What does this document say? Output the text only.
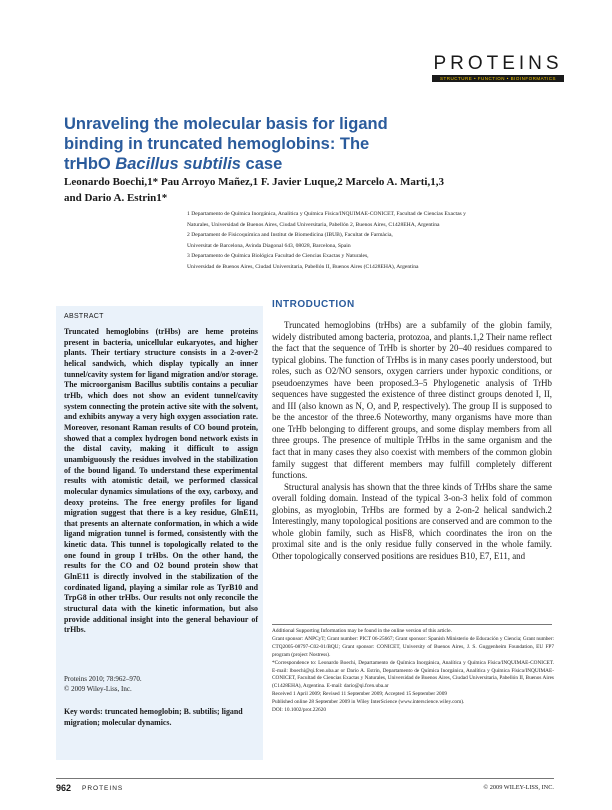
PROTEINS
STRUCTURE • FUNCTION • BIOINFORMATICS
Unraveling the molecular basis for ligand
binding in truncated hemoglobins: The
trHbO Bacillus subtilis case
Leonardo Boechi,1* Pau Arroyo Mañez,1 F. Javier Luque,2 Marcelo A. Marti,1,3
and Dario A. Estrin1*
1 Departamento de Química Inorgánica, Analítica y Química Física/INQUIMAE-CONICET, Facultad de Ciencias Exactas y
Naturales, Universidad de Buenos Aires, Ciudad Universitaria, Pabellón 2, Buenos Aires, C1428EHA, Argentina
2 Departament de Fisicoquímica and Institut de Biomedicina (IBUB), Facultat de Farmàcia,
Universitat de Barcelona, Avinda Diagonal 643, 08028, Barcelona, Spain
3 Departamento de Química Biológica Facultad de Ciencias Exactas y Naturales,
Universidad de Buenos Aires, Ciudad Universitaria, Pabellón II, Buenos Aires (C1428EHA), Argentina
ABSTRACT
Truncated hemoglobins (trHbs) are heme proteins present in bacteria, unicellular eukaryotes, and higher plants. Their tertiary structure consists in a 2-over-2 helical sandwich, which display typically an inner tunnel/cavity system for ligand migration and/or storage. The microorganism Bacillus subtilis contains a peculiar trHb, which does not show an evident tunnel/cavity system connecting the protein active site with the solvent, and exhibits anyway a very high oxygen association rate. Moreover, resonant Raman results of CO bound protein, showed that a complex hydrogen bond network exists in the distal cavity, making it difficult to assign unambiguously the residues involved in the stabilization of the bound ligand. To understand these experimental results with atomistic detail, we performed classical molecular dynamics simulations of the oxy, carboxy, and deoxy proteins. The free energy profiles for ligand migration suggest that there is a key residue, GlnE11, that presents an alternate conformation, in which a wide ligand migration tunnel is formed, consistently with the kinetic data. This tunnel is topologically related to the one found in group I trHbs. On the other hand, the results for the CO and O2 bound protein show that GlnE11 is directly involved in the stabilization of the cordinated ligand, playing a similar role as TyrB10 and TrpG8 in other trHbs. Our results not only reconcile the structural data with the kinetic information, but also provide additional insight into the general behaviour of trHbs.
Proteins 2010; 78:962–970.
© 2009 Wiley-Liss, Inc.
Key words: truncated hemoglobin; B. subtilis; ligand migration; molecular dynamics.
INTRODUCTION

Truncated hemoglobins (trHbs) are a subfamily of the globin family, widely distributed among bacteria, protozoa, and plants.1,2 Their name reflect the fact that the sequence of TrHb is shorter by 20–40 residues compared to typical globins. The function of TrHbs is in many cases poorly understood, but roles, such as O2/NO sensors, oxygen carriers under hypoxic conditions, or pseudoenzymes have been proposed.3–5 Phylogenetic analysis of TrHb sequences have suggested the existence of three distinct groups denoted I, II, and III (also known as N, O, and P, respectively). The group II is supposed to be the ancestor of the three.6 Noteworthy, many organisms have more than one TrHb belonging to different groups, and some display members from all three groups. The presence of multiple TrHbs in the same organism and the fact that in many cases they also coexist with members of the common globin family suggest that different members may fulfill completely different functions.

Structural analysis has shown that the three kinds of TrHbs share the same overall folding domain. Instead of the typical 3-on-3 helix fold of common globins, as myoglobin, TrHbs are formed by a 2-on-2 helical sandwich.2 Interestingly, many topological positions are conserved and are common to the whole globin family, such as HisF8, which coordinates the iron on the proximal site and is the only residue fully conserved in the whole family. Other topologically conserved positions are residues B10, E7, E11, and

Additional Supporting Information may be found in the online version of this article.
Grant sponsor: ANPCyT; Grant number: PICT 06-25667; Grant sponsor: Spanish Ministerio de Educación y Ciencia; Grant number: CTQ2005-08797-C02-01/BQU; Grant sponsor: CONICET, University of Buenos Aires, J. S. Guggenheim Foundation, EU FP7 program (project Nostress).
*Correspondence to: Leonardo Boechi, Departamento de Química Inorgánica, Analítica y Química Física/INQUIMAE-CONICET. E-mail: lboechi@qi.fcen.uba.ar or Dario A. Estrin, Departamento de Química Inorgánica, Analítica y Química Física/INQUIMAE-CONICET, Facultad de Ciencias Exactas y Naturales, Universidad de Buenos Aires, Ciudad Universitaria, Pabellón II, Buenos Aires (C1428EHA), Argentina. E-mail: dario@qi.fcen.uba.ar
Received 1 April 2009; Revised 11 September 2009; Accepted 15 September 2009
Published online 28 September 2009 in Wiley InterScience (www.interscience.wiley.com).
DOI: 10.1002/prot.22620
962 PROTEINS	© 2009 WILEY-LISS, INC.
